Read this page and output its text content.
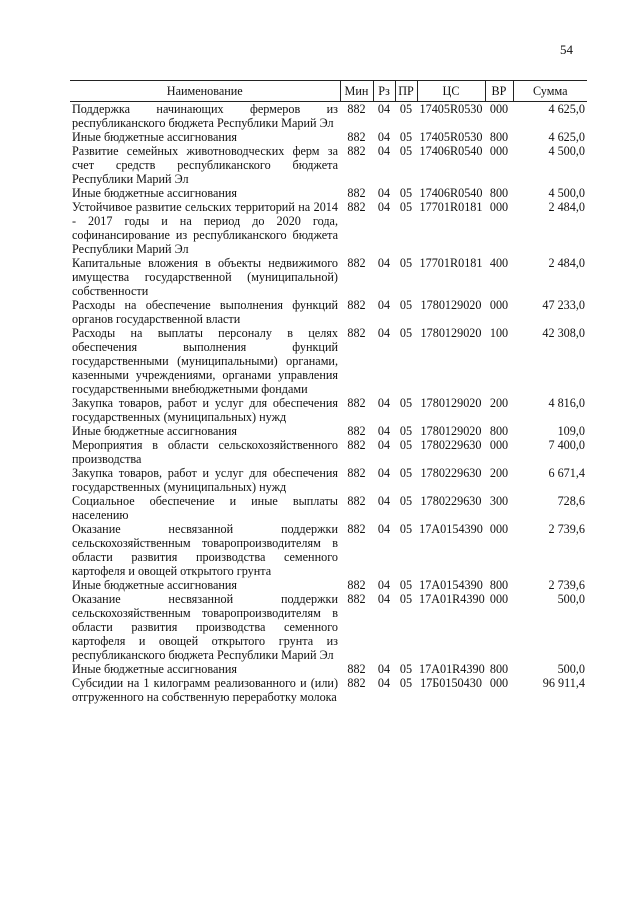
54
Наименование	Мин	Рз	ПР	ЦС	ВР	Сумма
Поддержка начинающих фермеров из республиканского бюджета Республики Марий Эл	882	04	05	17405R0530	000	4 625,0
Иные бюджетные ассигнования	882	04	05	17405R0530	800	4 625,0
Развитие семейных животноводческих ферм за счет средств республиканского бюджета Республики Марий Эл	882	04	05	17406R0540	000	4 500,0
Иные бюджетные ассигнования	882	04	05	17406R0540	800	4 500,0
Устойчивое развитие сельских территорий на 2014 - 2017 годы и на период до 2020 года, софинансирование из республиканского бюджета Республики Марий Эл	882	04	05	17701R0181	000	2 484,0
Капитальные вложения в объекты недвижимого имущества государственной (муниципальной) собственности	882	04	05	17701R0181	400	2 484,0
Расходы на обеспечение выполнения функций органов государственной власти	882	04	05	1780129020	000	47 233,0
Расходы на выплаты персоналу в целях обеспечения выполнения функций государственными (муниципальными) органами, казенными учреждениями, органами управления государственными внебюджетными фондами	882	04	05	1780129020	100	42 308,0
Закупка товаров, работ и услуг для обеспечения государственных (муниципальных) нужд	882	04	05	1780129020	200	4 816,0
Иные бюджетные ассигнования	882	04	05	1780129020	800	109,0
Мероприятия в области сельскохозяйственного производства	882	04	05	1780229630	000	7 400,0
Закупка товаров, работ и услуг для обеспечения государственных (муниципальных) нужд	882	04	05	1780229630	200	6 671,4
Социальное обеспечение и иные выплаты населению	882	04	05	1780229630	300	728,6
Оказание несвязанной поддержки сельскохозяйственным товаропроизводителям в области развития производства семенного картофеля и овощей открытого грунта	882	04	05	17А0154390	000	2 739,6
Иные бюджетные ассигнования	882	04	05	17А0154390	800	2 739,6
Оказание несвязанной поддержки сельскохозяйственным товаропроизводителям в области развития производства семенного картофеля и овощей открытого грунта из республиканского бюджета Республики Марий Эл	882	04	05	17А01R4390	000	500,0
Иные бюджетные ассигнования	882	04	05	17А01R4390	800	500,0
Субсидии на 1 килограмм реализованного и (или) отгруженного на собственную переработку молока	882	04	05	17Б0150430	000	96 911,4
